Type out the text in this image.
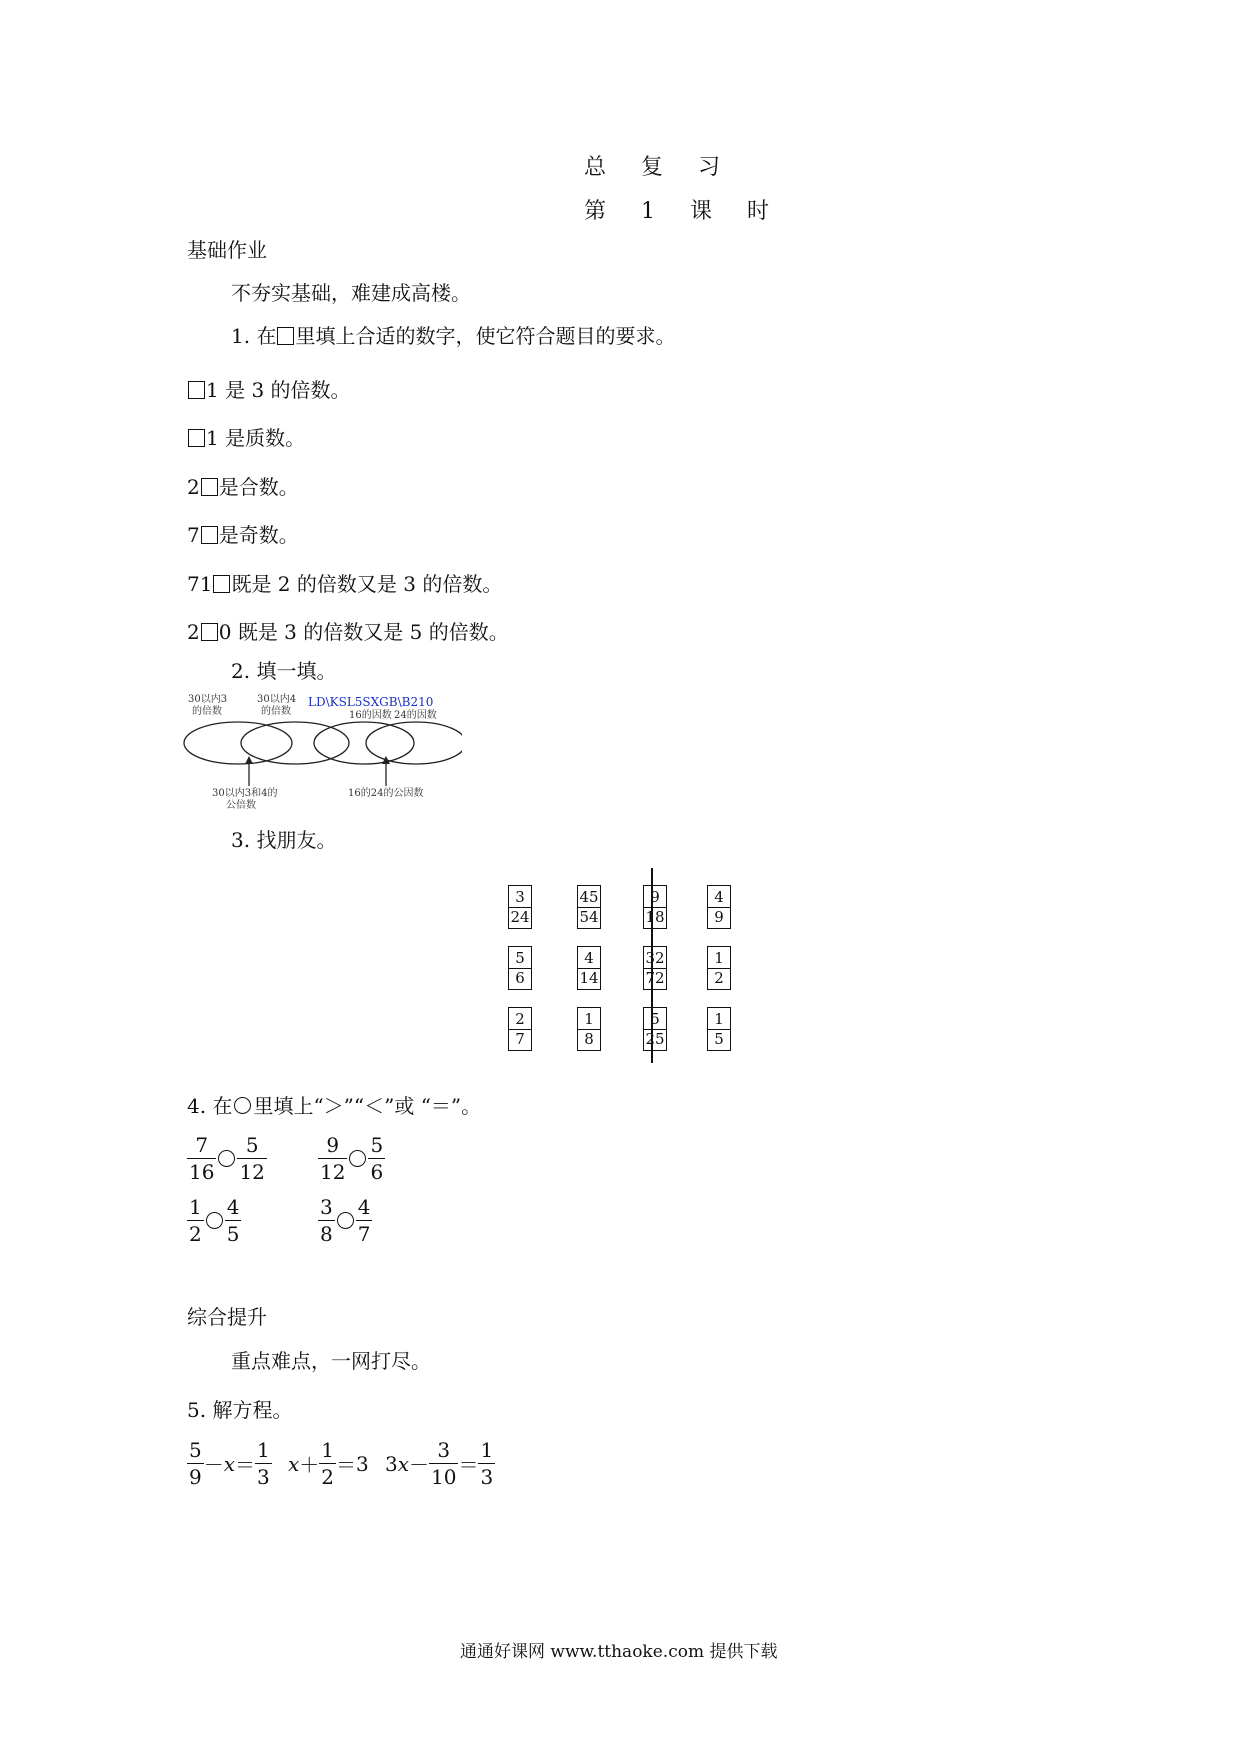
总 复 习
第 1 课 时
基础作业
不夯实基础，难建成高楼。
1. 在 里填上合适的数字，使它符合题目的要求。
1 是 3 的倍数。
1 是质数。
2 是合数。
7 是奇数。
71 既是 2 的倍数又是 3 的倍数。
2 0 既是 3 的倍数又是 5 的倍数。
2. 填一填。
30以内3
的倍数
30以内4
的倍数
LD\KSL5SXGB\B210
16的因数 24的因数
30以内3和4的
公倍数
16的24的公因数
3. 找朋友。
3
24
45
54
5
6
4
14
2
7
1
8
9
18
4
9
32
72
1
2
5
25
1
5
4. 在 里填上“＞”“＜”或 “＝”。
$\frac{7}{16} \frac{5}{12}$	$\frac{9}{12} \frac{5}{6}$
$\frac{1}{2} \frac{4}{5}$	$\frac{3}{8} \frac{4}{7}$
综合提升
重点难点，一网打尽。
5. 解方程。
$\frac{5}{9} - x = \frac{1}{3}$ $x + \frac{1}{2} = 3$ 3 $x - \frac{3}{10} = \frac{1}{3}$
通通好课网 www.tthaoke.com 提供下载
